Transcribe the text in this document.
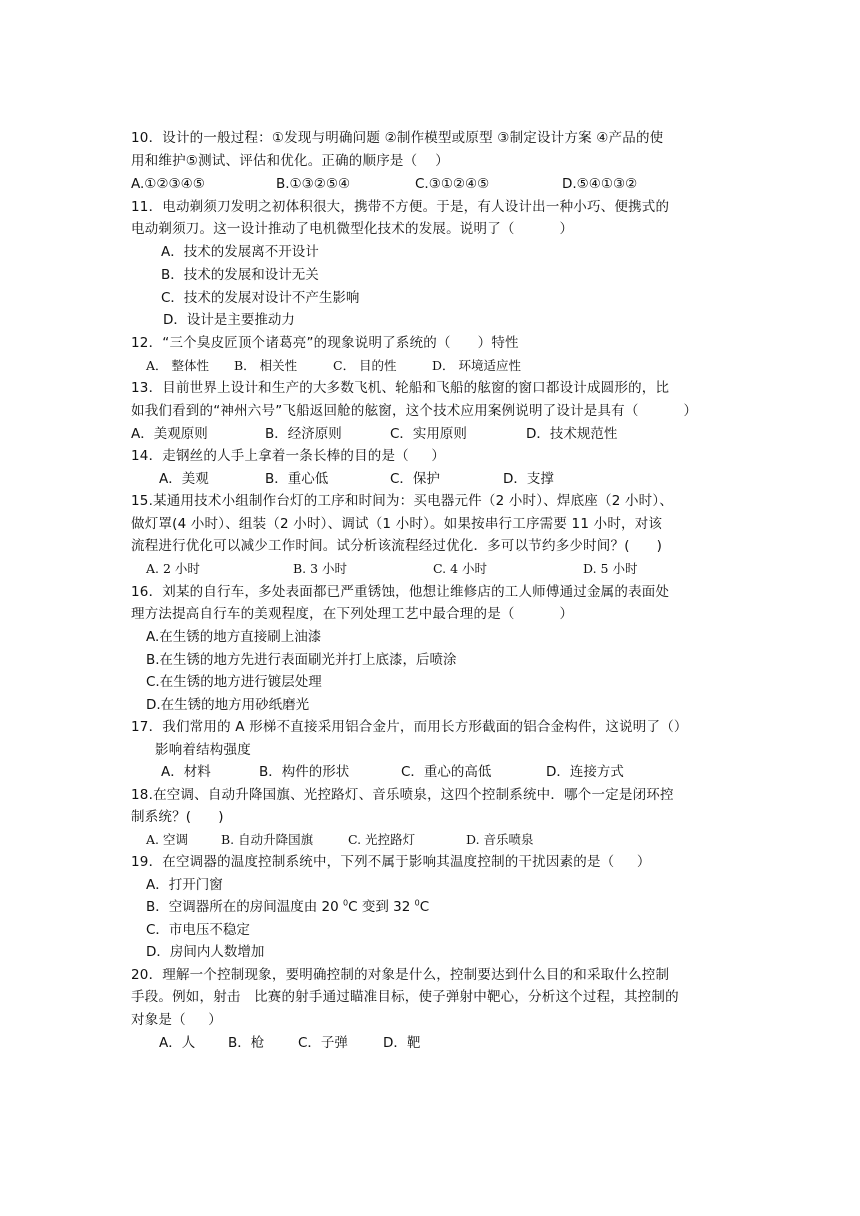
10．设计的一般过程：①发现与明确问题 ②制作模型或原型 ③制定设计方案 ④产品的使
用和维护⑤测试、评估和优化。正确的顺序是（    ）
A.①②③④⑤	B.①③②⑤④	C.③①②④⑤	D.⑤④①③②
11．电动剃须刀发明之初体积很大，携带不方便。于是，有人设计出一种小巧、便携式的
电动剃须刀。这一设计推动了电机微型化技术的发展。说明了（          ）
A．技术的发展离不开设计
B．技术的发展和设计无关
C．技术的发展对设计不产生影响
D．设计是主要推动力
12．“三个臭皮匠顶个诸葛亮”的现象说明了系统的（      ）特性
A． 整体性 B． 相关性	C． 目的性	D． 环境适应性
13．目前世界上设计和生产的大多数飞机、轮船和飞船的舷窗的窗口都设计成圆形的，比
如我们看到的“神州六号”飞船返回舱的舷窗，这个技术应用案例说明了设计是具有（          ）
A．美观原则	B．经济原则	C．实用原则	D．技术规范性
14．走钢丝的人手上拿着一条长棒的目的是（     ）
A．美观	B．重心低	C．保护	D．支撑
15.某通用技术小组制作台灯的工序和时间为：买电器元件（2 小时）、焊底座（2 小时）、
做灯罩(4 小时）、组装（2 小时）、调试（1 小时）。如果按串行工序需要 11 小时，对该
流程进行优化可以减少工作时间。试分析该流程经过优化．多可以节约多少时间？(      )
A. 2 小时	B. 3 小时	C. 4 小时	D. 5 小时
16．刘某的自行车，多处表面都已严重锈蚀，他想让维修店的工人师傅通过金属的表面处
理方法提高自行车的美观程度，在下列处理工艺中最合理的是（          ）
A.在生锈的地方直接刷上油漆
B.在生锈的地方先进行表面刷光并打上底漆，后喷涂
C.在生锈的地方进行镀层处理
D.在生锈的地方用砂纸磨光
17．我们常用的 A 形梯不直接采用铝合金片，而用长方形截面的铝合金构件，这说明了（）
影响着结构强度
A．材料	B．构件的形状	C．重心的高低	D．连接方式
18.在空调、自动升降国旗、光控路灯、音乐喷泉，这四个控制系统中．哪个一定是闭环控
制系统？(      )
A. 空调	B. 自动升降国旗	C. 光控路灯	D. 音乐喷泉
19．在空调器的温度控制系统中，下列不属于影响其温度控制的干扰因素的是（     ）
A．打开门窗
B．空调器所在的房间温度由 20 $^0$C 变到 32 $^0$C
C．市电压不稳定
D．房间内人数增加
20．理解一个控制现象，要明确控制的对象是什么，控制要达到什么目的和采取什么控制
手段。例如，射击   比赛的射手通过瞄准目标，使子弹射中靶心，分析这个过程，其控制的
对象是（     ）
A．人 B．枪 C．子弹	D．靶
